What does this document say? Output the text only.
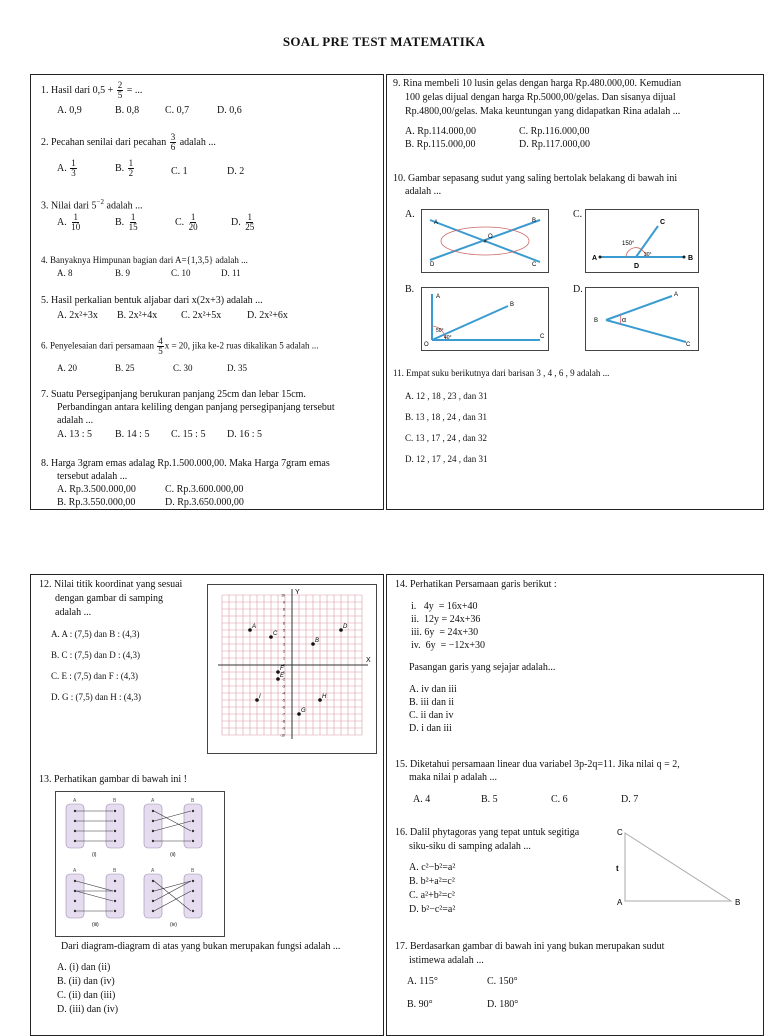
SOAL PRE TEST MATEMATIKA
1. Hasil dari $0,5 + \frac{2}{5}$ = ...
A. 0,9	B. 0,8	C. 0,7	D. 0,6
2. Pecahan senilai dari pecahan $\frac{3}{6}$ adalah ...
A. $\frac{1}{3}$	B. $\frac{1}{2}$	C. 1	D. 2
3. Nilai dari $5^{-2}$ adalah ...
A. $\frac{1}{10}$	B. $\frac{1}{15}$	C. $\frac{1}{20}$	D. $\frac{1}{25}$
4. Banyaknya Himpunan bagian dari A={1,3,5} adalah ...
A. 8	B. 9	C. 10	D. 11
5. Hasil perkalian bentuk aljabar dari x(2x+3) adalah ...
A. 2x²+3x B. 2x²+4x C. 2x²+5x	D. 2x²+6x
6. Penyelesaian dari persamaan $\frac{4}{5}$ x = 20, jika ke-2 ruas dikalikan 5 adalah ...
A. 20	B. 25	C. 30	D. 35
7. Suatu Persegipanjang berukuran panjang 25cm dan lebar 15cm.
Perbandingan antara keliling dengan panjang persegipanjang tersebut
adalah ...
A. 13 : 5 B. 14 : 5 C. 15 : 5 D. 16 : 5
8. Harga 3gram emas adalag Rp.1.500.000,00. Maka Harga 7gram emas
tersebut adalah ...
A. Rp.3.500.000,00	C. Rp.3.600.000,00
B. Rp.3.550.000,00	D. Rp.3.650.000,00
9. Rina membeli 10 lusin gelas dengan harga Rp.480.000,00. Kemudian
100 gelas dijual dengan harga Rp.5000,00/gelas. Dan sisanya dijual
Rp.4800,00/gelas. Maka keuntungan yang didapatkan Rina adalah ...
A. Rp.114.000,00	C. Rp.116.000,00
B. Rp.115.000,00	D. Rp.117.000,00
10. Gambar sepasang sudut yang saling bertolak belakang di bawah ini
adalah ...
A.
A	B
C
D
O
C.
A	B
C
D
150°
30°
B.
A
B
C
O
50°
40°
D.	A
B
C
α
11. Empat suku berikutnya dari barisan 3 , 4 , 6 , 9 adalah ...
A. 12 , 18 , 23 , dan 31
B. 13 , 18 , 24 , dan 31
C. 13 , 17 , 24 , dan 32
D. 12 , 17 , 24 , dan 31
12. Nilai titik koordinat yang sesuai
dengan gambar di samping
adalah ...
A. A : (7,5) dan B : (4,3)
B. C : (7,5) dan D : (4,3)
C. E : (7,5) dan F : (4,3)
D. G : (7,5) dan H : (4,3)
X
Y
10
9
8
7
6
5
4
3
2
1
0
-1
-2
-3
-4
-5
-6
-7
-8
-9
-10
A
B
C
D
E
F
G
H
I
13. Perhatikan gambar di bawah ini !
A	B
(i)
A	B
(ii)
A	B
(iii)
A	B
(iv)
Dari diagram-diagram di atas yang bukan merupakan fungsi adalah ...
A. (i) dan (ii)
B. (ii) dan (iv)
C. (ii) dan (iii)
D. (iii) dan (iv)
14. Perhatikan Persamaan garis berikut :
i.   4y  = 16x+40
ii.  12y = 24x+36
iii. 6y  = 24x+30
iv.  6y  = −12x+30
Pasangan garis yang sejajar adalah...
A. iv dan iii
B. iii dan ii
C. ii dan iv
D. i dan iii
15. Diketahui persamaan linear dua variabel 3p-2q=11. Jika nilai q = 2,
maka nilai p adalah ...
A. 4	B. 5	C. 6	D. 7
16. Dalil phytagoras yang tepat untuk segitiga
siku-siku di samping adalah ...
A. c²−b²=a²
B. b²+a²=c²
C. a²+b²=c²
D. b²−c²=a²
C
A	B
t
17. Berdasarkan gambar di bawah ini yang bukan merupakan sudut
istimewa adalah ...
A. 115°	C. 150°
B. 90°	D. 180°
